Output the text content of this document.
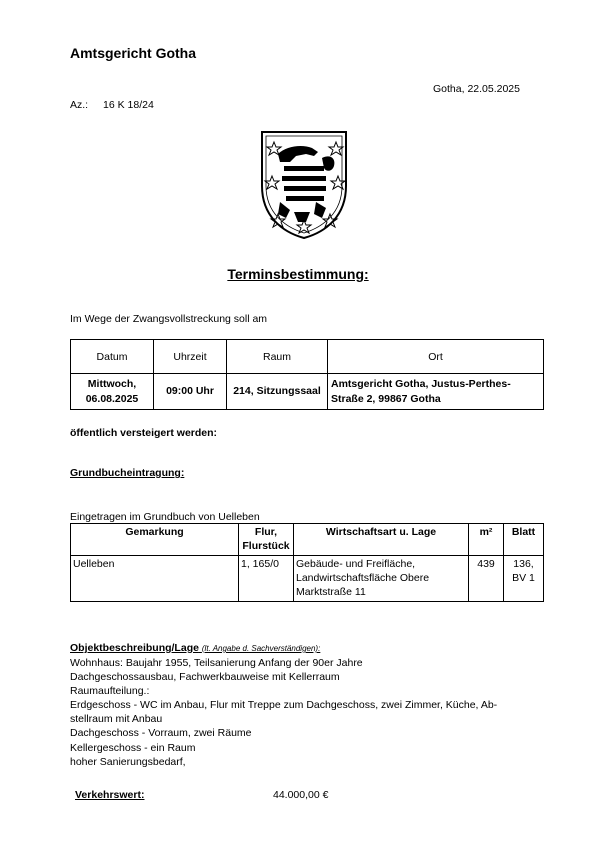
Amtsgericht Gotha
Gotha, 22.05.2025
Az.: 16 K 18/24
Terminsbestimmung:
Im Wege der Zwangsvollstreckung soll am
Datum	Uhrzeit	Raum	Ort
Mittwoch, 06.08.2025	09:00 Uhr	214, Sitzungssaal	Amtsgericht Gotha, Justus-Perthes-Straße 2, 99867 Gotha
öffentlich versteigert werden:
Grundbucheintragung:
Eingetragen im Grundbuch von Uelleben
Gemarkung	Flur, Flurstück	Wirtschaftsart u. Lage	m²	Blatt
Uelleben	1, 165/0	Gebäude- und Freifläche, Landwirtschaftsfläche Obere Marktstraße 11	439	136, BV 1
Objektbeschreibung/Lage (lt. Angabe d. Sachverständigen):
Wohnhaus: Baujahr 1955, Teilsanierung Anfang der 90er Jahre
Dachgeschossausbau, Fachwerkbauweise mit Kellerraum
Raumaufteilung.:
Erdgeschoss - WC im Anbau, Flur mit Treppe zum Dachgeschoss, zwei Zimmer, Küche, Ab-
stellraum mit Anbau
Dachgeschoss - Vorraum, zwei Räume
Kellergeschoss - ein Raum
hoher Sanierungsbedarf,
Verkehrswert:	44.000,00 €
